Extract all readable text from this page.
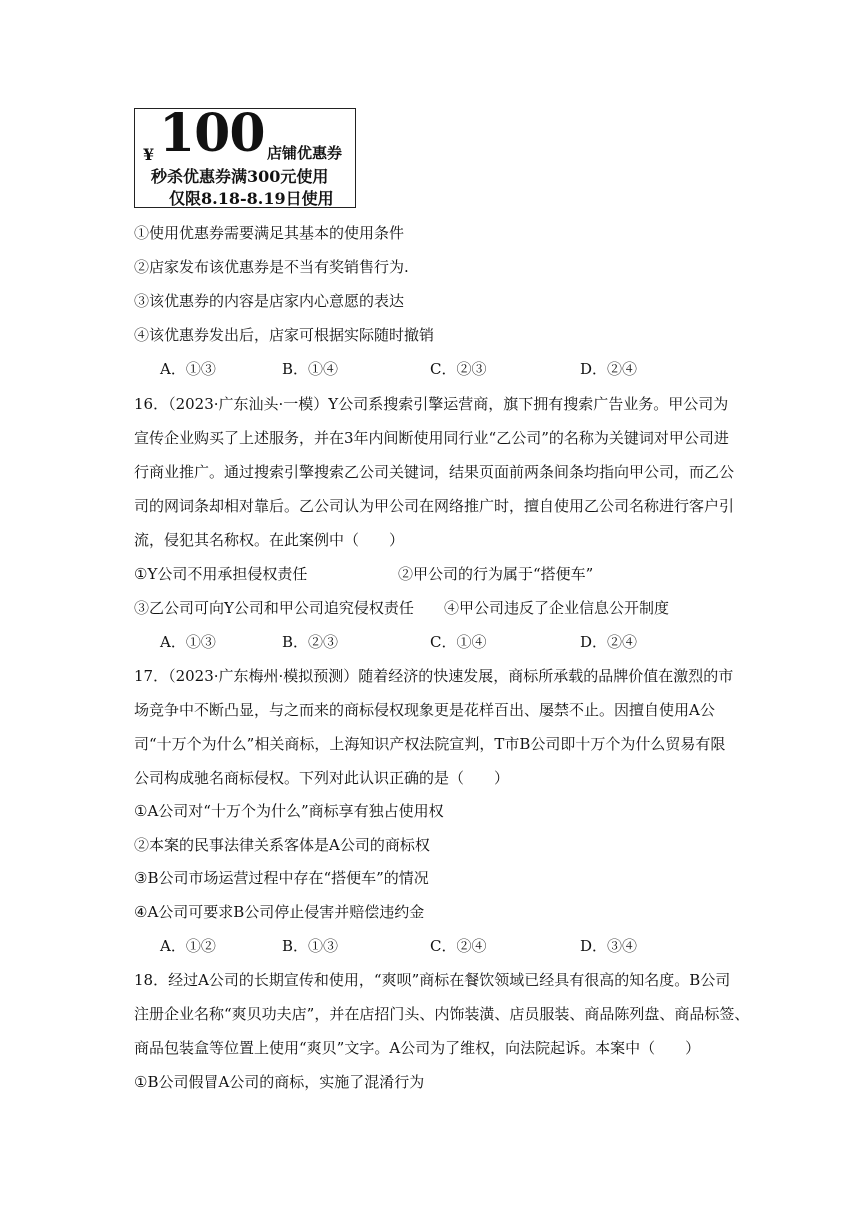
¥ 100 店铺优惠券
秒杀优惠券满300元使用
仅限8.18-8.19日使用
①使用优惠券需要满足其基本的使用条件
②店家发布该优惠券是不当有奖销售行为.
③该优惠券的内容是店家内心意愿的表达
④该优惠券发出后，店家可根据实际随时撤销
A．①③	B．①④	C．②③	D．②④
16．（2023·广东汕头·一模）Y公司系搜索引擎运营商，旗下拥有搜索广告业务。甲公司为
宣传企业购买了上述服务，并在3年内间断使用同行业“乙公司”的名称为关键词对甲公司进
行商业推广。通过搜索引擎搜索乙公司关键词，结果页面前两条间条均指向甲公司，而乙公
司的网词条却相对靠后。乙公司认为甲公司在网络推广时，擅自使用乙公司名称进行客户引
流，侵犯其名称权。在此案例中（　　）
①Y公司不用承担侵权责任	②甲公司的行为属于“搭便车”
③乙公司可向Y公司和甲公司追究侵权责任 ④甲公司违反了企业信息公开制度
A．①③	B．②③	C．①④	D．②④
17．（2023·广东梅州·模拟预测）随着经济的快速发展，商标所承载的品牌价值在激烈的市
场竞争中不断凸显，与之而来的商标侵权现象更是花样百出、屡禁不止。因擅自使用A公
司“十万个为什么”相关商标，上海知识产权法院宣判，T市B公司即十万个为什么贸易有限
公司构成驰名商标侵权。下列对此认识正确的是（　　）
①A公司对“十万个为什么”商标享有独占使用权
②本案的民事法律关系客体是A公司的商标权
③B公司市场运营过程中存在“搭便车”的情况
④A公司可要求B公司停止侵害并赔偿违约金
A．①②	B．①③	C．②④	D．③④
18．经过A公司的长期宣传和使用，“爽呗”商标在餐饮领域已经具有很高的知名度。B公司
注册企业名称“爽贝功夫店”，并在店招门头、内饰装潢、店员服装、商品陈列盘、商品标签、
商品包装盒等位置上使用“爽贝”文字。A公司为了维权，向法院起诉。本案中（　　）
①B公司假冒A公司的商标，实施了混淆行为
